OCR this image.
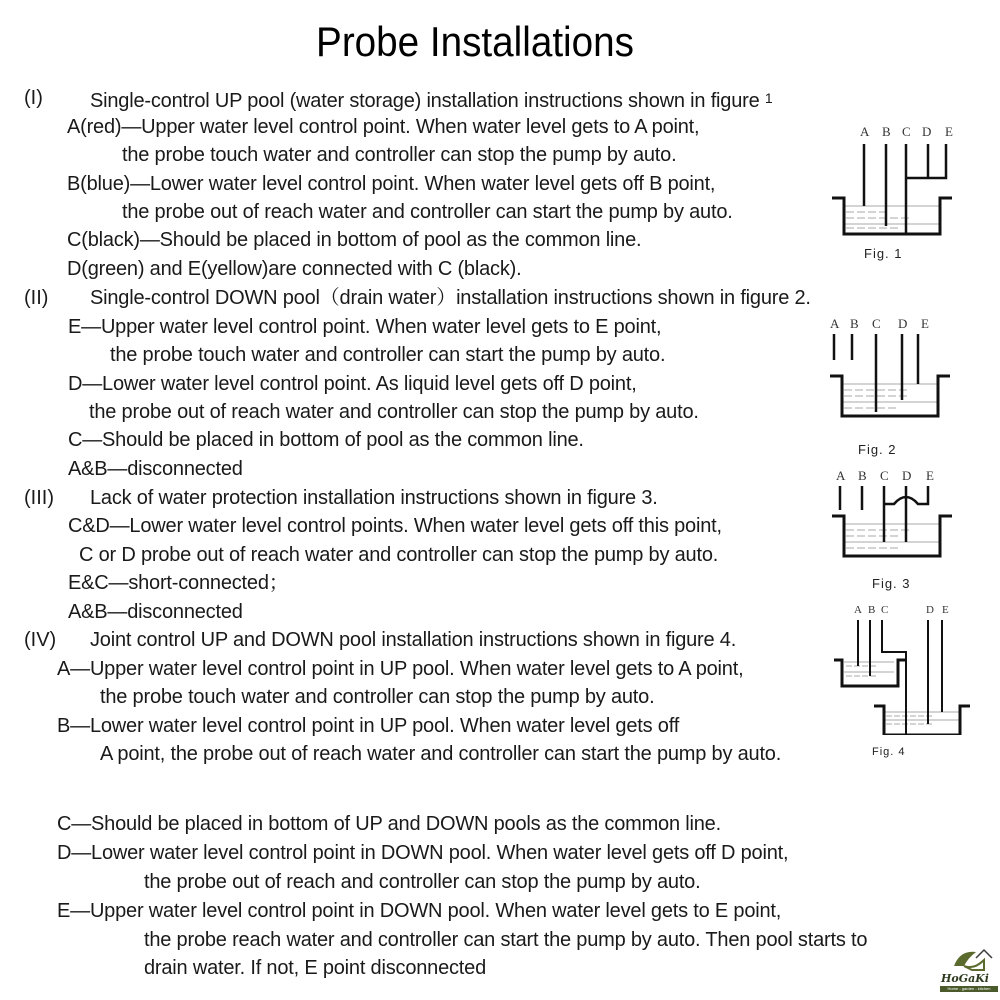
Probe Installations
(I) Single-control UP pool (water storage) installation instructions shown in figure $^1$
A(red)—Upper water level control point. When water level gets to A point,
the probe touch water and controller can stop the pump by auto.
B(blue)—Lower water level control point. When water level gets off B point,
the probe out of reach water and controller can start the pump by auto.
C(black)—Should be placed in bottom of pool as the common line.
D(green) and E(yellow)are connected with C (black).
(II) Single-control DOWN pool（drain water）installation instructions shown in figure 2.
E—Upper water level control point. When water level gets to E point,
the probe touch water and controller can start the pump by auto.
D—Lower water level control point. As liquid level gets off D point,
the probe out of reach water and controller can stop the pump by auto.
C—Should be placed in bottom of pool as the common line.
A&B—disconnected
(III) Lack of water protection installation instructions shown in figure 3.
C&D—Lower water level control points. When water level gets off this point,
C or D probe out of reach water and controller can stop the pump by auto.
E&C—short-connected；
A&B—disconnected
(IV) Joint control UP and DOWN pool installation instructions shown in figure 4.
A—Upper water level control point in UP pool. When water level gets to A point,
the probe touch water and controller can stop the pump by auto.
B—Lower water level control point in UP pool. When water level gets off
A point, the probe out of reach water and controller can start the pump by auto.
C—Should be placed in bottom of UP and DOWN pools as the common line.
D—Lower water level control point in DOWN pool. When water level gets off D point,
the probe out of reach and controller can stop the pump by auto.
E—Upper water level control point in DOWN pool. When water level gets to E point,
the probe reach water and controller can start the pump by auto. Then pool starts to
drain water. If not, E point disconnected
A B C D E
Fig. 1
A B C D E
Fig. 2
A B C D E
Fig. 3
A B C	D E
Fig. 4
HoGaKi
Home - garden - kitchen
